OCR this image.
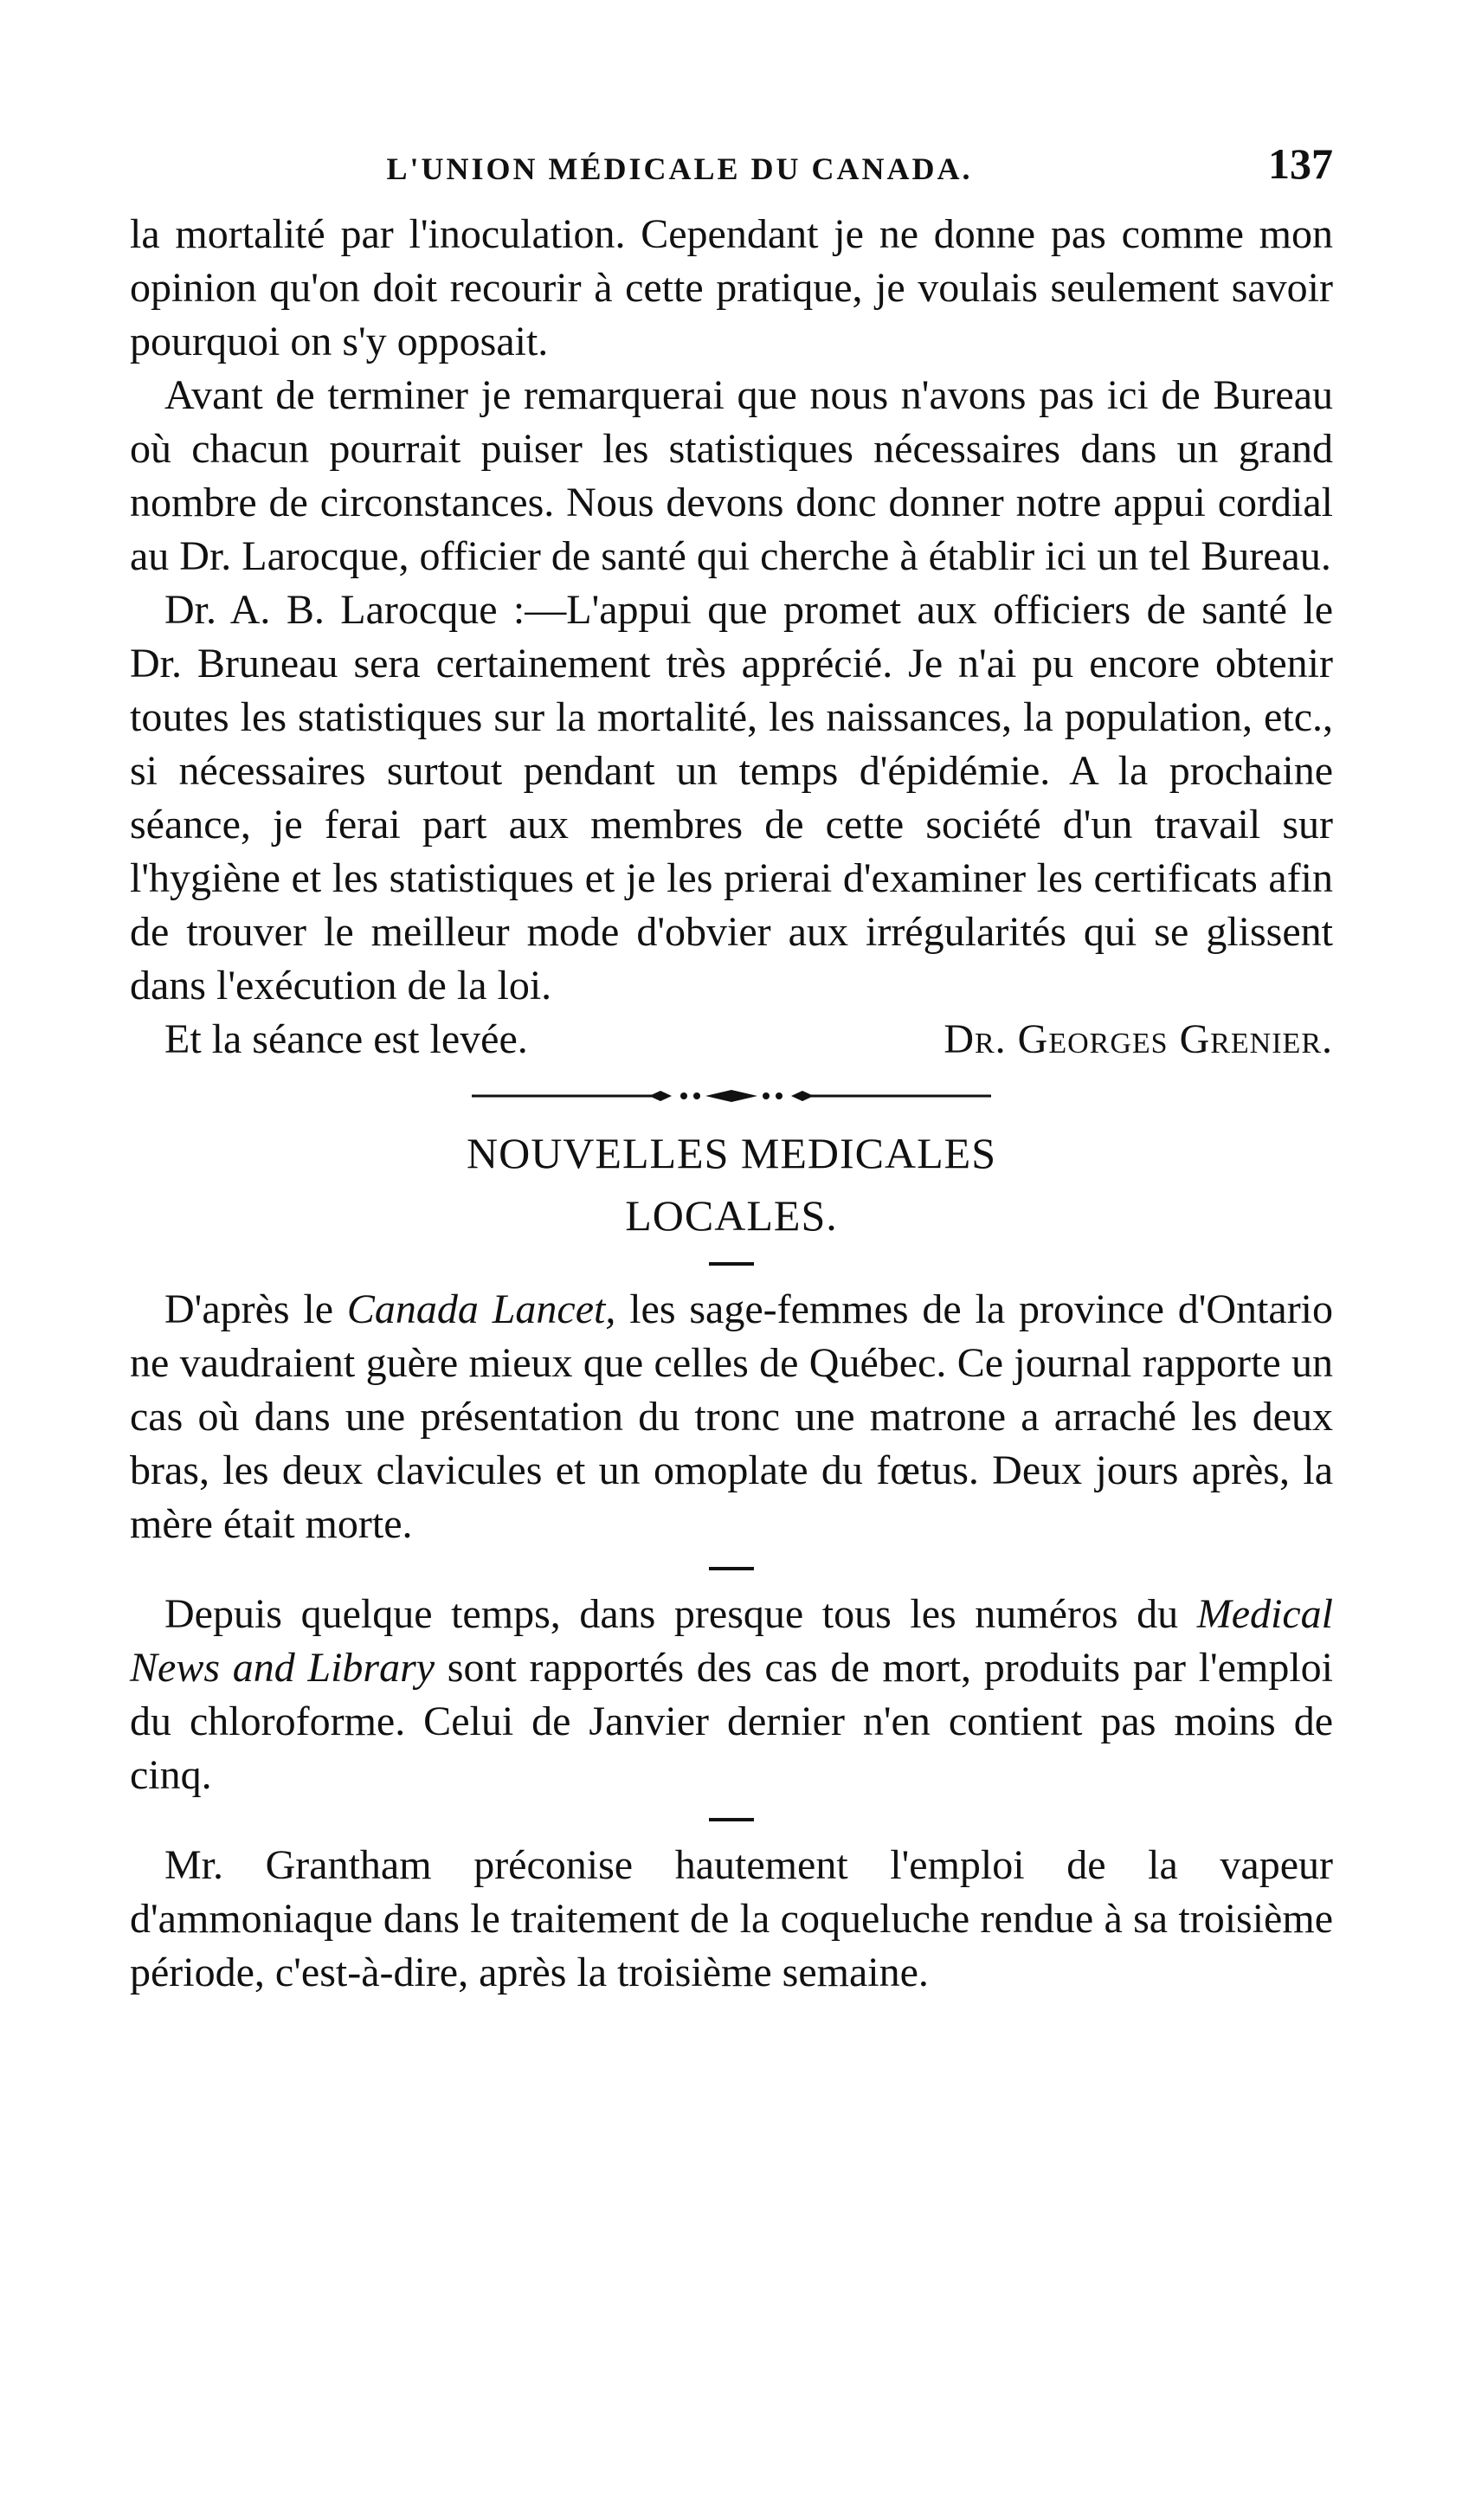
L'UNION MÉDICALE DU CANADA.	137

la mortalité par l'inoculation. Cependant je ne donne pas comme mon opinion qu'on doit recourir à cette pratique, je voulais seulement savoir pourquoi on s'y opposait.

Avant de terminer je remarquerai que nous n'avons pas ici de Bureau où chacun pourrait puiser les statistiques nécessaires dans un grand nombre de circonstances. Nous devons donc donner notre appui cordial au Dr. Larocque, officier de santé qui cherche à établir ici un tel Bureau.

Dr. A. B. Larocque :—L'appui que promet aux officiers de santé le Dr. Bruneau sera certainement très apprécié. Je n'ai pu encore obtenir toutes les statistiques sur la mortalité, les naissances, la population, etc., si nécessaires surtout pendant un temps d'épidémie. A la prochaine séance, je ferai part aux membres de cette société d'un travail sur l'hygiène et les statistiques et je les prierai d'examiner les certificats afin de trouver le meilleur mode d'obvier aux irrégularités qui se glissent dans l'exécution de la loi.

Et la séance est levée.	Dr. Georges Grenier.

NOUVELLES MEDICALES

LOCALES.

D'après le Canada Lancet, les sage-femmes de la province d'Ontario ne vaudraient guère mieux que celles de Québec. Ce journal rapporte un cas où dans une présentation du tronc une matrone a arraché les deux bras, les deux clavicules et un omoplate du fœtus. Deux jours après, la mère était morte.

Depuis quelque temps, dans presque tous les numéros du Medical News and Library sont rapportés des cas de mort, produits par l'emploi du chloroforme. Celui de Janvier dernier n'en contient pas moins de cinq.

Mr. Grantham préconise hautement l'emploi de la vapeur d'ammoniaque dans le traitement de la coqueluche rendue à sa troisième période, c'est-à-dire, après la troisième semaine.
